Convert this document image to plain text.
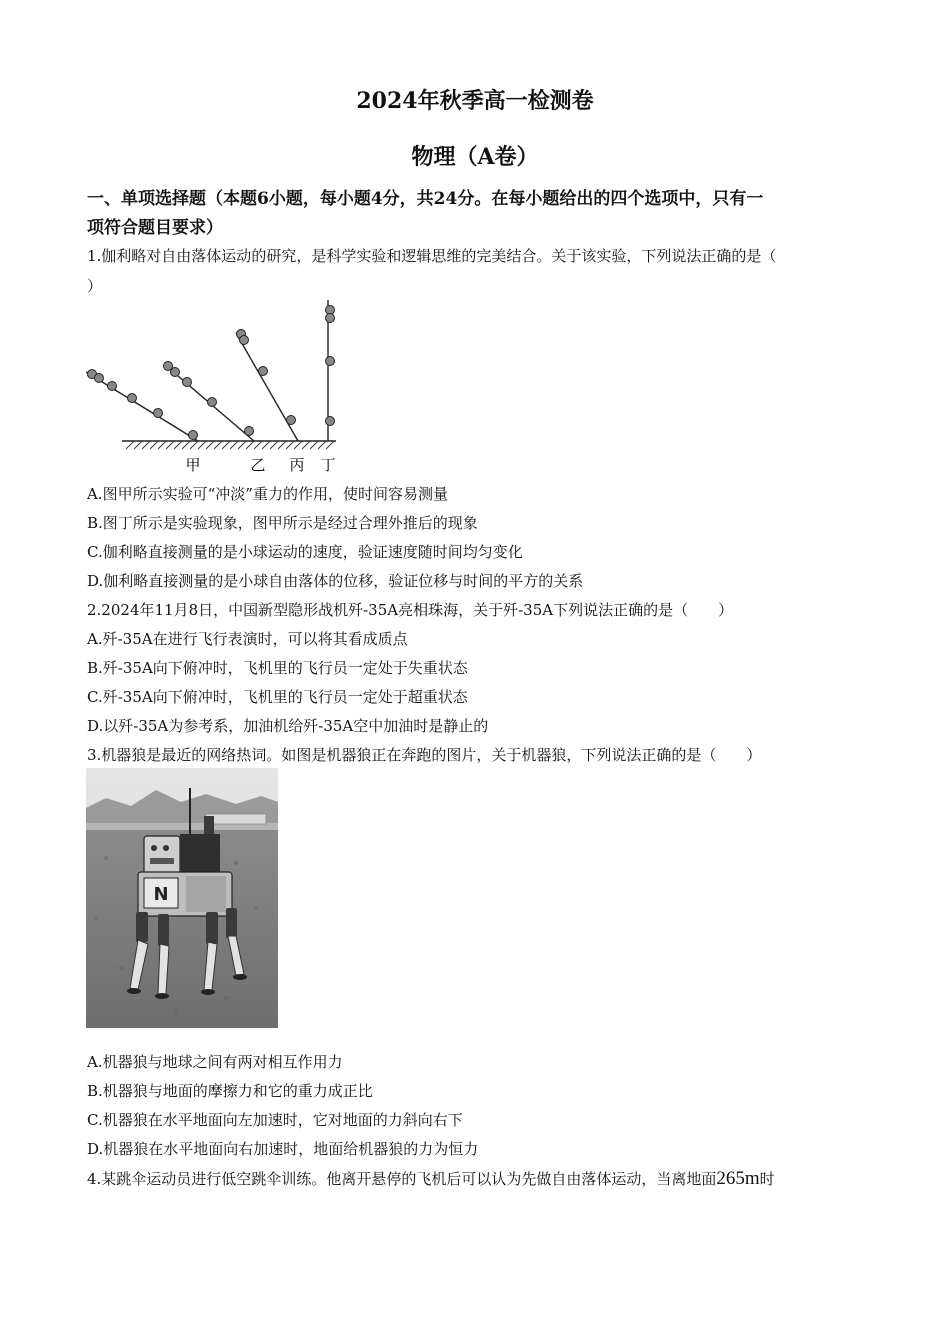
2024年秋季高一检测卷
物理（A卷）
一、单项选择题（本题6小题，每小题4分，共24分。在每小题给出的四个选项中，只有一
项符合题目要求）
1.伽利略对自由落体运动的研究，是科学实验和逻辑思维的完美结合。关于该实验，下列说法正确的是（
）
甲	乙 丙 丁
A.图甲所示实验可“冲淡”重力的作用，使时间容易测量
B.图丁所示是实验现象，图甲所示是经过合理外推后的现象
C.伽利略直接测量的是小球运动的速度，验证速度随时间均匀变化
D.伽利略直接测量的是小球自由落体的位移，验证位移与时间的平方的关系
2.2024年11月8日，中国新型隐形战机歼-35A亮相珠海，关于歼-35A下列说法正确的是（　　）
A.歼-35A在进行飞行表演时，可以将其看成质点
B.歼-35A向下俯冲时，飞机里的飞行员一定处于失重状态
C.歼-35A向下俯冲时，飞机里的飞行员一定处于超重状态
D.以歼-35A为参考系，加油机给歼-35A空中加油时是静止的
3.机器狼是最近的网络热词。如图是机器狼正在奔跑的图片，关于机器狼，下列说法正确的是（　　）
N
A.机器狼与地球之间有两对相互作用力
B.机器狼与地面的摩擦力和它的重力成正比
C.机器狼在水平地面向左加速时，它对地面的力斜向右下
D.机器狼在水平地面向右加速时，地面给机器狼的力为恒力
4.某跳伞运动员进行低空跳伞训练。他离开悬停的飞机后可以认为先做自由落体运动，当离地面265m时
